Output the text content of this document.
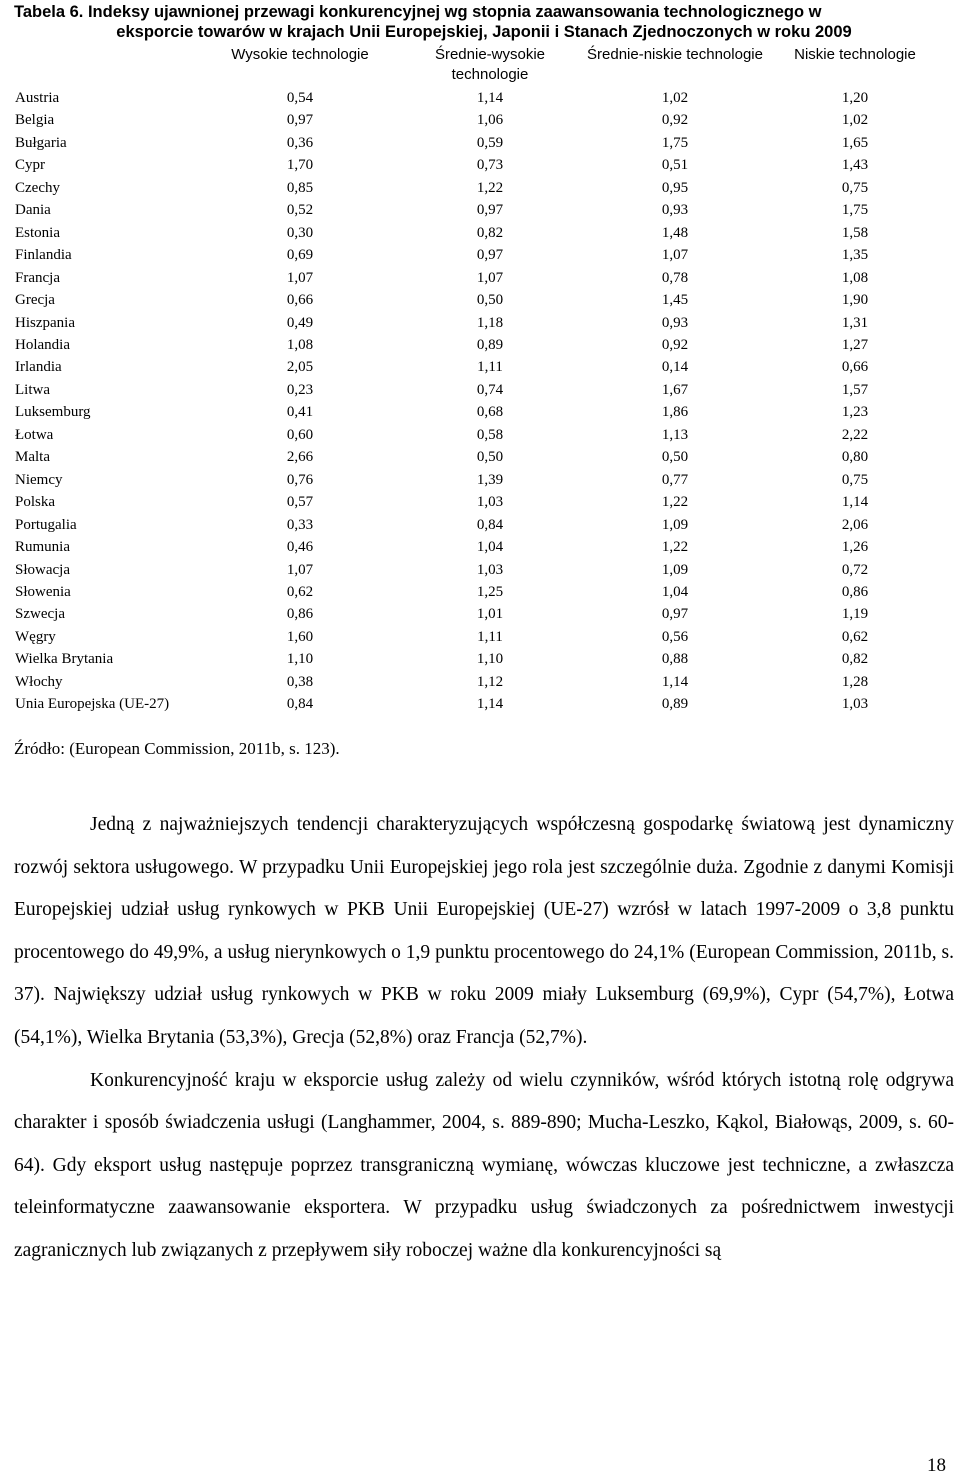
Tabela 6. Indeksy ujawnionej przewagi konkurencyjnej wg stopnia zaawansowania technologicznego w
eksporcie towarów w krajach Unii Europejskiej, Japonii i Stanach Zjednoczonych w roku 2009
	Wysokie technologie	Średnie-wysokie technologie	Średnie-niskie technologie	Niskie technologie
Austria	0,54	1,14	1,02	1,20
Belgia	0,97	1,06	0,92	1,02
Bułgaria	0,36	0,59	1,75	1,65
Cypr	1,70	0,73	0,51	1,43
Czechy	0,85	1,22	0,95	0,75
Dania	0,52	0,97	0,93	1,75
Estonia	0,30	0,82	1,48	1,58
Finlandia	0,69	0,97	1,07	1,35
Francja	1,07	1,07	0,78	1,08
Grecja	0,66	0,50	1,45	1,90
Hiszpania	0,49	1,18	0,93	1,31
Holandia	1,08	0,89	0,92	1,27
Irlandia	2,05	1,11	0,14	0,66
Litwa	0,23	0,74	1,67	1,57
Luksemburg	0,41	0,68	1,86	1,23
Łotwa	0,60	0,58	1,13	2,22
Malta	2,66	0,50	0,50	0,80
Niemcy	0,76	1,39	0,77	0,75
Polska	0,57	1,03	1,22	1,14
Portugalia	0,33	0,84	1,09	2,06
Rumunia	0,46	1,04	1,22	1,26
Słowacja	1,07	1,03	1,09	0,72
Słowenia	0,62	1,25	1,04	0,86
Szwecja	0,86	1,01	0,97	1,19
Węgry	1,60	1,11	0,56	0,62
Wielka Brytania	1,10	1,10	0,88	0,82
Włochy	0,38	1,12	1,14	1,28
Unia Europejska (UE-27)	0,84	1,14	0,89	1,03
Źródło: (European Commission, 2011b, s. 123).

Jedną z najważniejszych tendencji charakteryzujących współczesną gospodarkę światową jest dynamiczny rozwój sektora usługowego. W przypadku Unii Europejskiej jego rola jest szczególnie duża. Zgodnie z danymi Komisji Europejskiej udział usług rynkowych w PKB Unii Europejskiej (UE-27) wzrósł w latach 1997-2009 o 3,8 punktu procentowego do 49,9%, a usług nierynkowych o 1,9 punktu procentowego do 24,1% (European Commission, 2011b, s. 37). Największy udział usług rynkowych w PKB w roku 2009 miały Luksemburg (69,9%), Cypr (54,7%), Łotwa (54,1%), Wielka Brytania (53,3%), Grecja (52,8%) oraz Francja (52,7%).

Konkurencyjność kraju w eksporcie usług zależy od wielu czynników, wśród których istotną rolę odgrywa charakter i sposób świadczenia usługi (Langhammer, 2004, s. 889-890; Mucha-Leszko, Kąkol, Białowąs, 2009, s. 60-64). Gdy eksport usług następuje poprzez transgraniczną wymianę, wówczas kluczowe jest techniczne, a zwłaszcza teleinformatyczne zaawansowanie eksportera. W przypadku usług świadczonych za pośrednictwem inwestycji zagranicznych lub związanych z przepływem siły roboczej ważne dla konkurencyjności są

18
